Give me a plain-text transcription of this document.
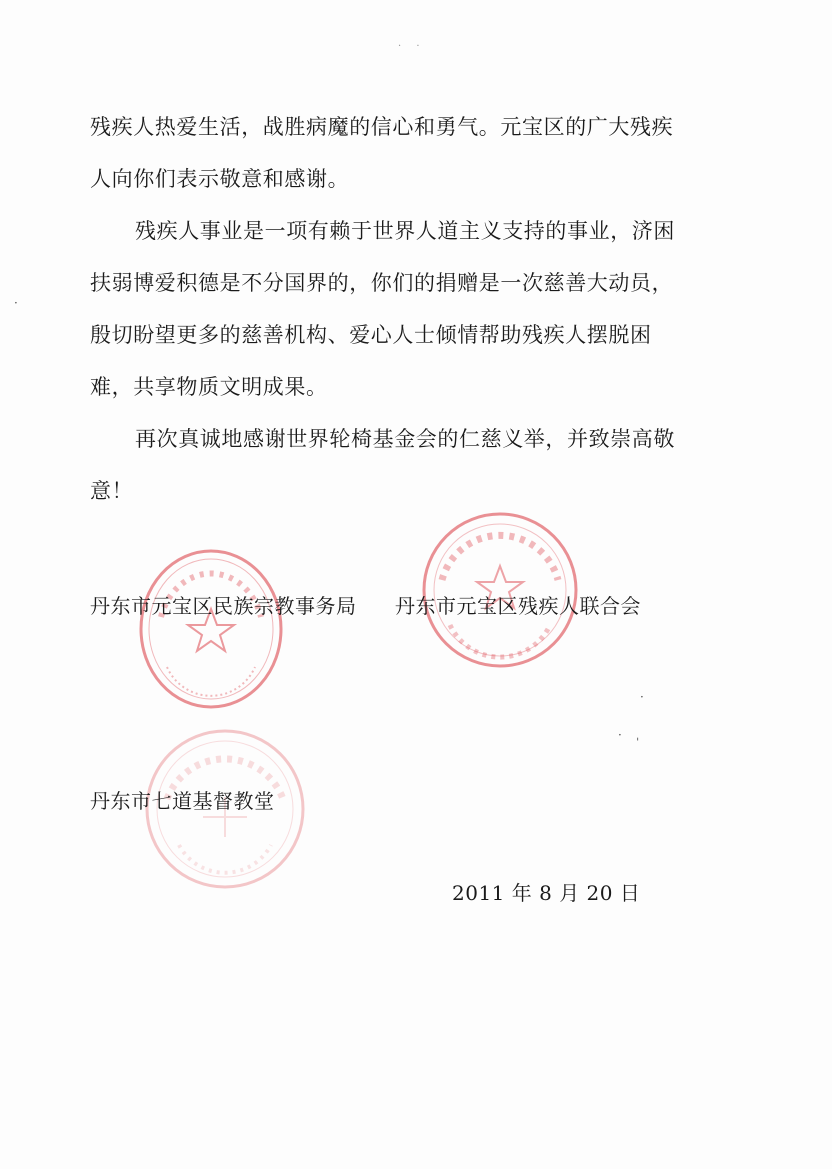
· ·

残疾人热爱生活，战胜病魔的信心和勇气。元宝区的广大残疾人向你们表示敬意和感谢。

残疾人事业是一项有赖于世界人道主义支持的事业，济困扶弱博爱积德是不分国界的，你们的捐赠是一次慈善大动员，殷切盼望更多的慈善机构、爱心人士倾情帮助残疾人摆脱困难，共享物质文明成果。

再次真诚地感谢世界轮椅基金会的仁慈义举，并致崇高敬意！

丹东市元宝区民族宗教事务局 丹东市元宝区残疾人联合会
丹东市七道基督教堂
2011 年 8 月 20 日
· ˌ
·
·
